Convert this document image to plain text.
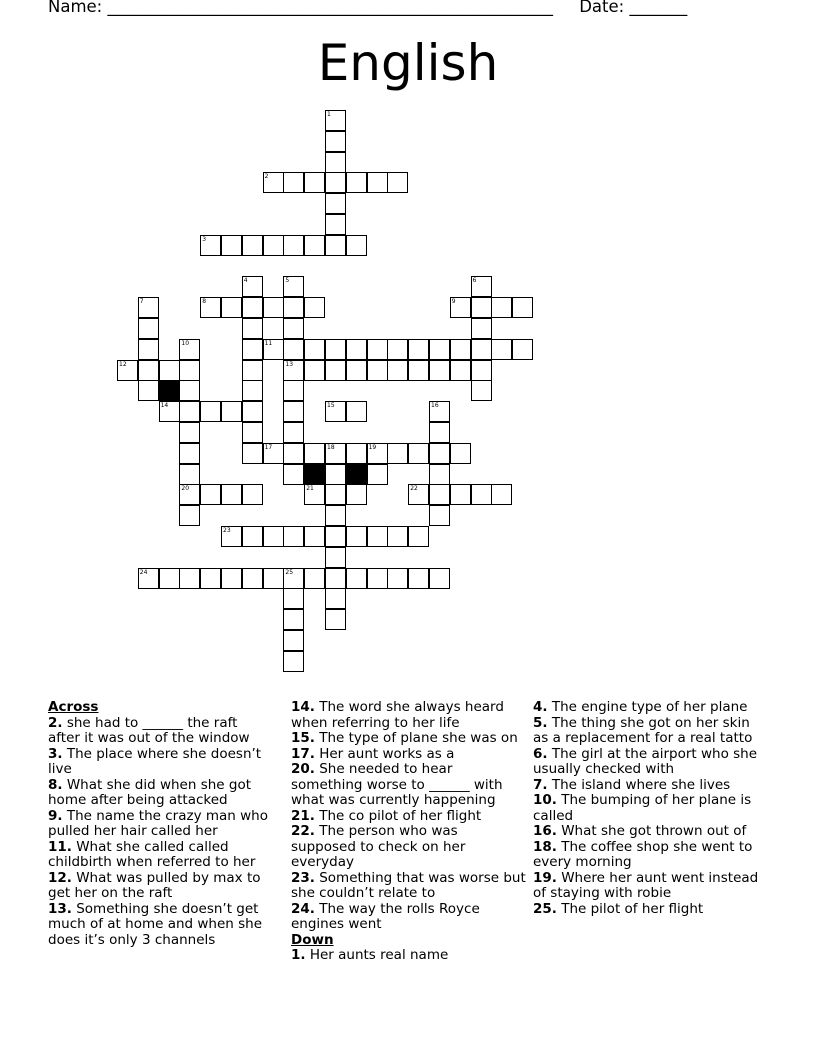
Name: ______________________________________________________     Date: _______
English
1
2
3
4	5	6
7	8	9
10	11
12	13
14	15	16
17	18	19
20	21	22
23
24	25
Across

2. she had to ______ the raft after it was out of the window

3. The place where she doesn’t live

8. What she did when she got home after being attacked

9. The name the crazy man who pulled her hair called her

11. What she called called childbirth when referred to her

12. What was pulled by max to get her on the raft

13. Something she doesn’t get much of at home and when she does it’s only 3 channels

14. The word she always heard when referring to her life

15. The type of plane she was on

17. Her aunt works as a

20. She needed to hear something worse to ______ with what was currently happening

21. The co pilot of her flight

22. The person who was supposed to check on her everyday

23. Something that was worse but she couldn’t relate to

24. The way the rolls Royce engines went

Down

1. Her aunts real name

4. The engine type of her plane

5. The thing she got on her skin as a replacement for a real tatto

6. The girl at the airport who she usually checked with

7. The island where she lives

10. The bumping of her plane is called

16. What she got thrown out of

18. The coffee shop she went to every morning

19. Where her aunt went instead of staying with robie

25. The pilot of her flight
